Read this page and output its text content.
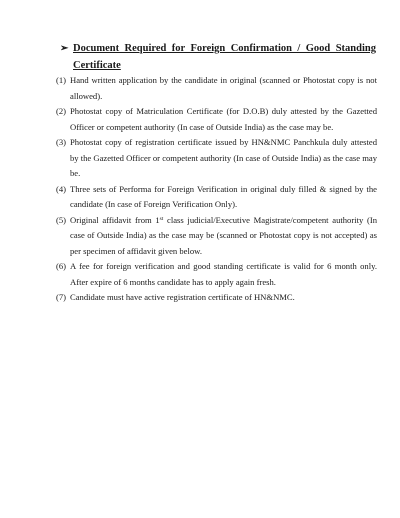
➢ Document Required for Foreign Confirmation / Good Standing
Certificate
(1) Hand written application by the candidate in original (scanned or Photostat copy is not allowed).
(2) Photostat copy of Matriculation Certificate (for D.O.B) duly attested by the Gazetted Officer or competent authority (In case of Outside India) as the case may be.
(3) Photostat copy of registration certificate issued by HN&NMC Panchkula duly attested by the Gazetted Officer or competent authority (In case of Outside India) as the case may be.
(4) Three sets of Performa for Foreign Verification in original duly filled & signed by the candidate (In case of Foreign Verification Only).
(5) Original affidavit from 1st class judicial/Executive Magistrate/competent authority (In case of Outside India) as the case may be (scanned or Photostat copy is not accepted) as per specimen of affidavit given below.
(6) A fee for foreign verification and good standing certificate is valid for 6 month only. After expire of 6 months candidate has to apply again fresh.
(7) Candidate must have active registration certificate of HN&NMC.
